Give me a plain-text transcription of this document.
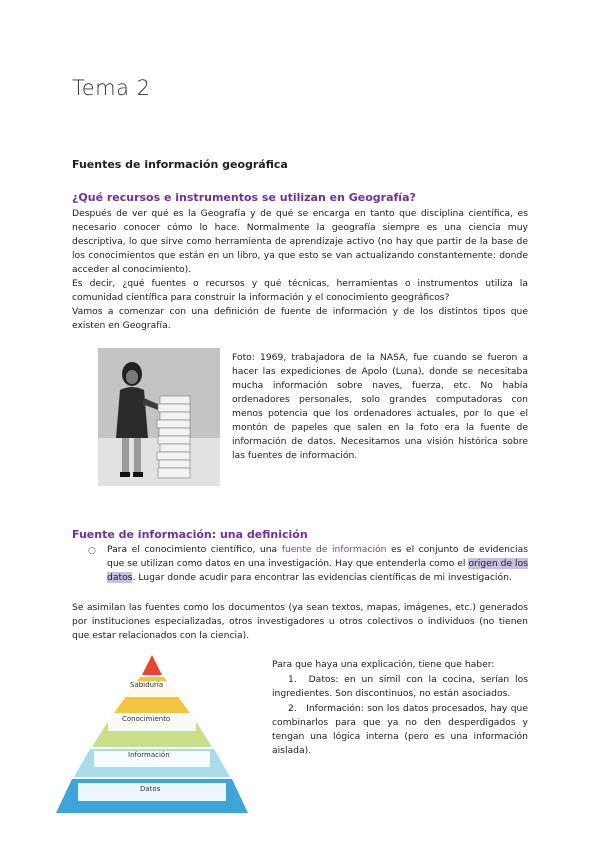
Tema 2
Fuentes de información geográfica
¿Qué recursos e instrumentos se utilizan en Geografía?
Después de ver qué es la Geografía y de qué se encarga en tanto que disciplina científica, es necesario conocer cómo lo hace. Normalmente la geografía siempre es una ciencia muy descriptiva, lo que sirve como herramienta de aprendizaje activo (no hay que partir de la base de los conocimientos que están en un libro, ya que esto se van actualizando constantemente: donde acceder al conocimiento).
Es decir, ¿qué fuentes o recursos y qué técnicas, herramientas o instrumentos utiliza la comunidad científica para construir la información y el conocimiento geográficos?
Vamos a comenzar con una definición de fuente de información y de los distintos tipos que existen en Geografía.
Foto: 1969, trabajadora de la NASA, fue cuando se fueron a hacer las expediciones de Apolo (Luna), donde se necesitaba mucha información sobre naves, fuerza, etc. No había ordenadores personales, solo grandes computadoras con menos potencia que los ordenadores actuales, por lo que el montón de papeles que salen en la foto era la fuente de información de datos. Necesitamos una visión histórica sobre las fuentes de información.
Fuente de información: una definición
○ Para el conocimiento científico, una fuente de información es el conjunto de evidencias que se utilizan como datos en una investigación. Hay que entenderla como el origen de los datos. Lugar donde acudir para encontrar las evidencias científicas de mi investigación.
Se asimilan las fuentes como los documentos (ya sean textos, mapas, imágenes, etc.) generados por instituciones especializadas, otros investigadores u otros colectivos o individuos (no tienen que estar relacionados con la ciencia).
Sabiduría
Conocimiento
Información
Datos
Para que haya una explicación, tiene que haber:
1. Datos: en un símil con la cocina, serían los ingredientes. Son discontinuos, no están asociados.
2. Información: son los datos procesados, hay que combinarlos para que ya no den desperdigados y tengan una lógica interna (pero es una información aislada).
